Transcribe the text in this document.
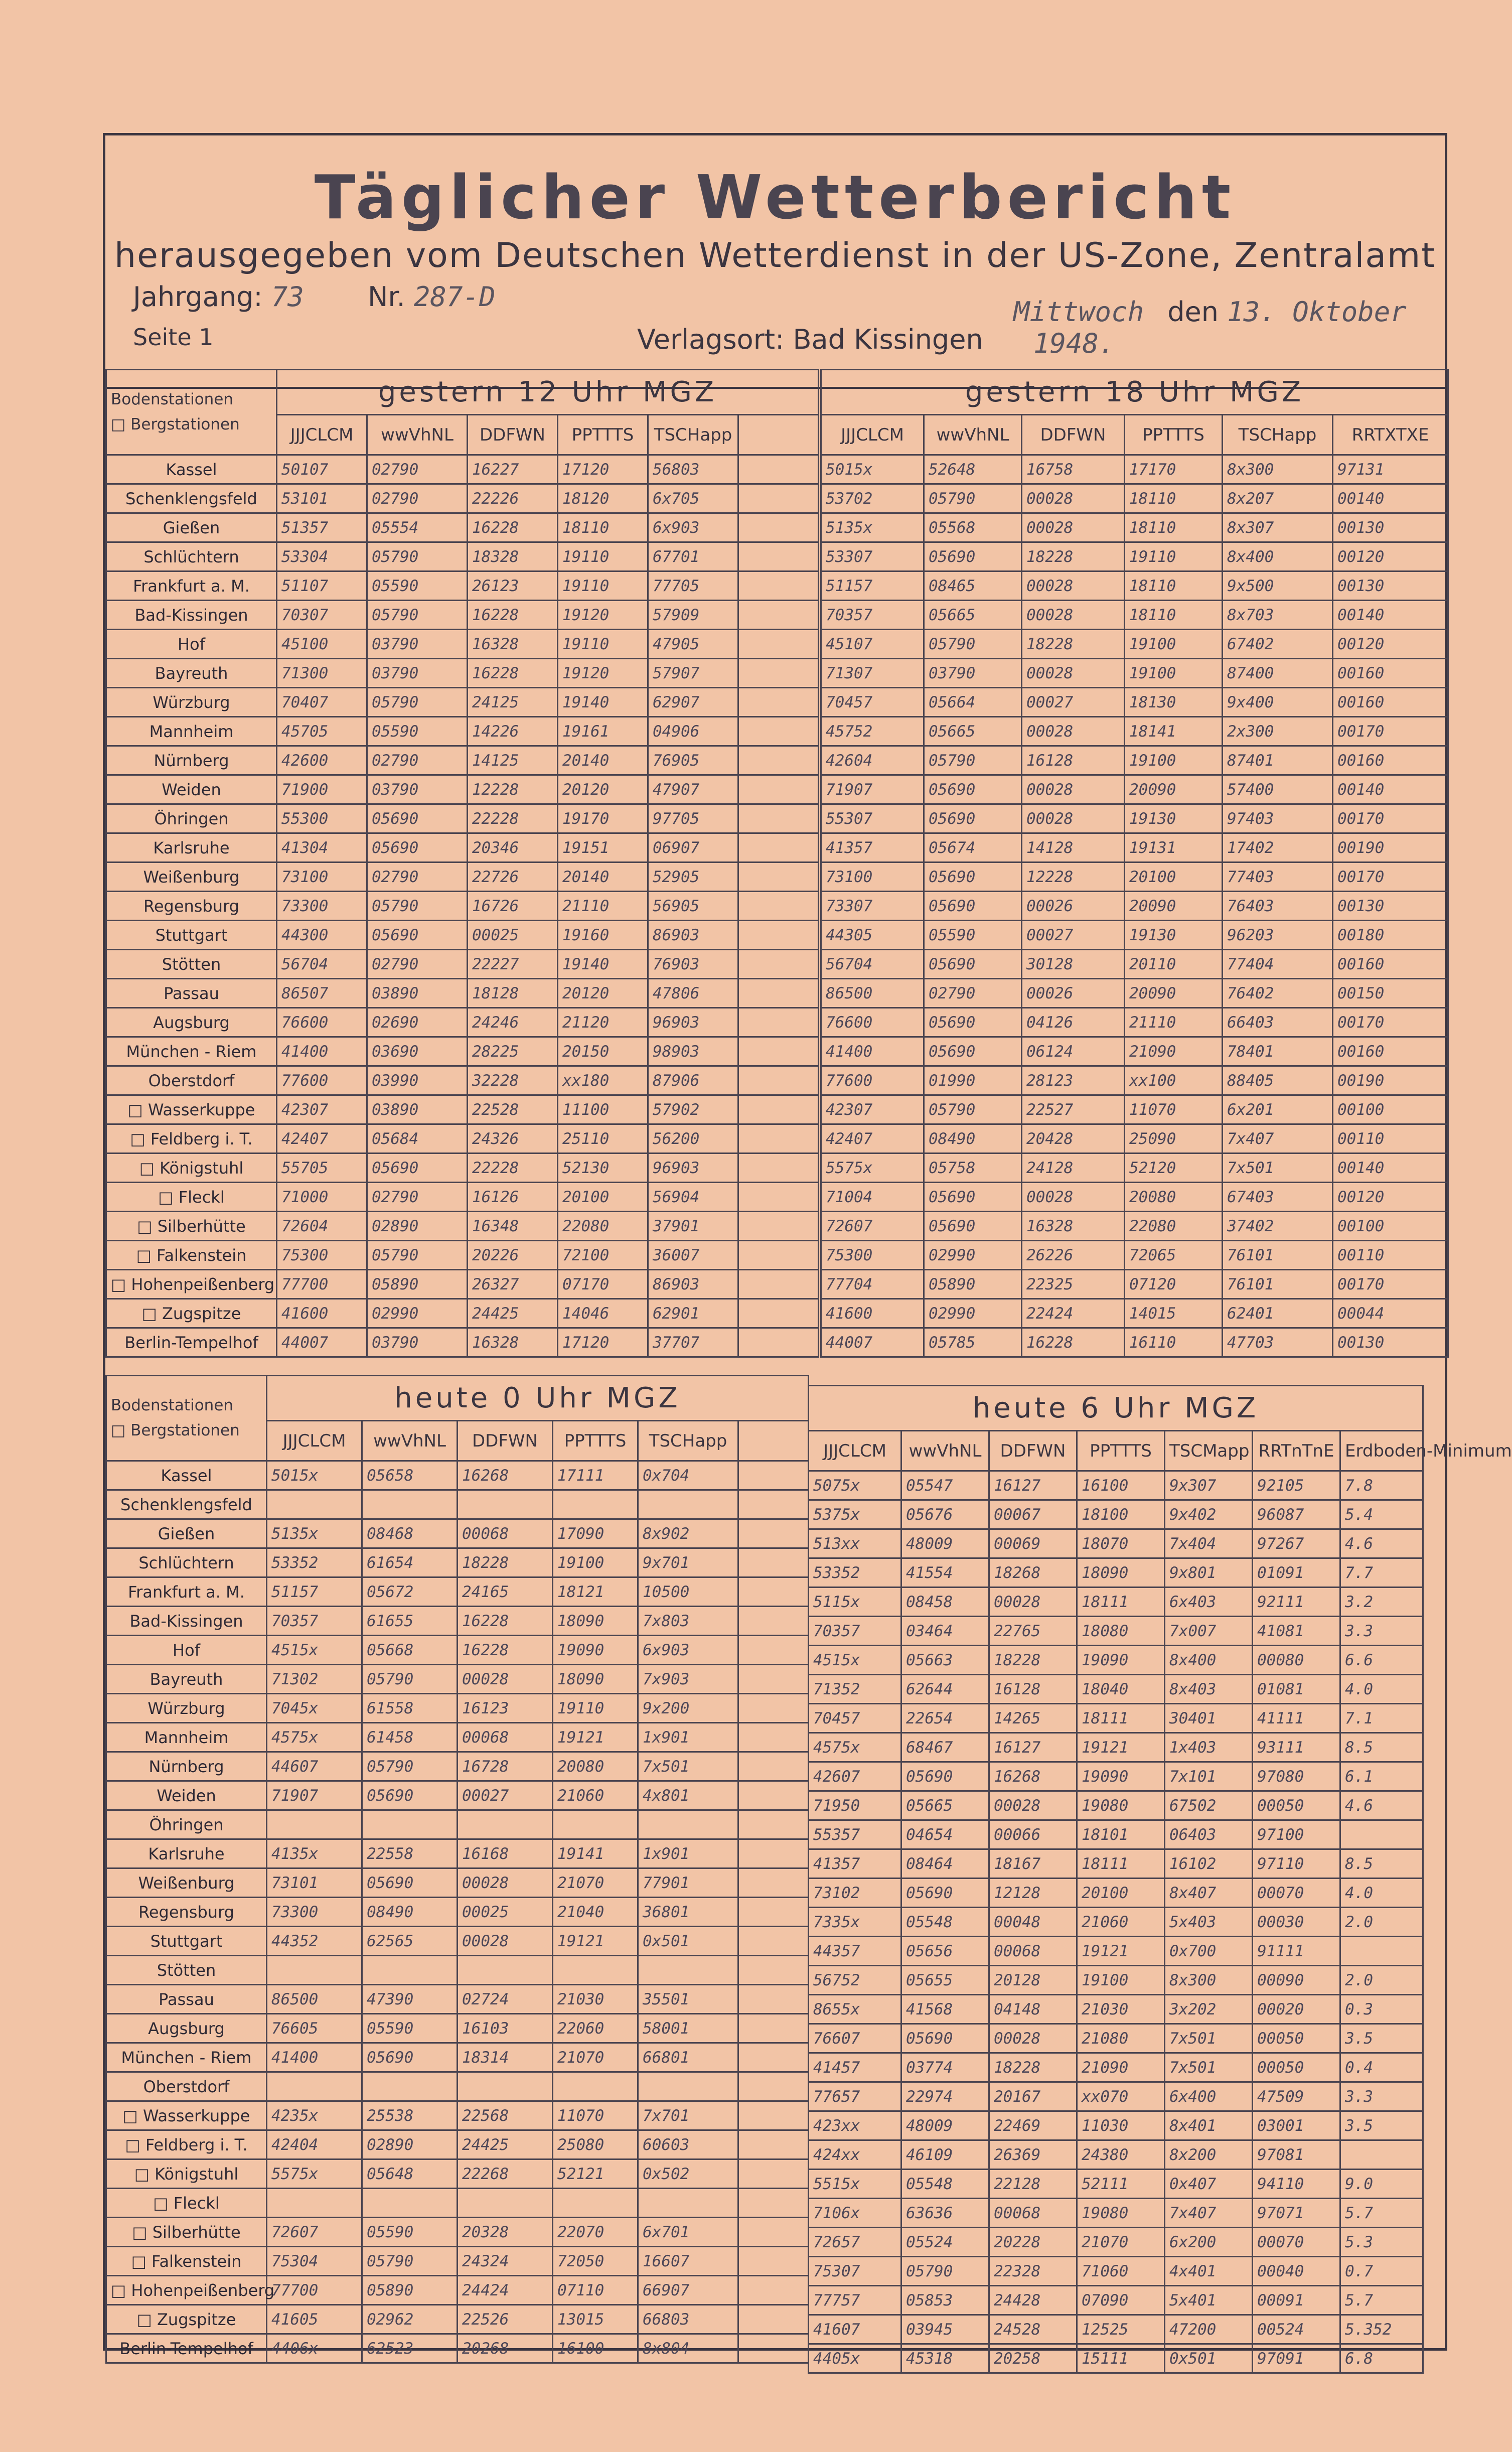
Täglicher Wetterbericht
herausgegeben vom Deutschen Wetterdienst in der US-Zone, Zentralamt
Jahrgang: 73 Nr. 287-D
Seite 1	Verlagsort: Bad Kissingen
Mittwoch den 13. Oktober 1948.
Bodenstationen
□ Bergstationen	gestern 12 Uhr MGZ					
	JJJCLCM	wwVhNL	DDFWN	PPTTTS	TSCHapp	
Kassel	50107	02790	16227	17120	56803	
Schenklengsfeld	53101	02790	22226	18120	6x705	
Gießen	51357	05554	16228	18110	6x903	
Schlüchtern	53304	05790	18328	19110	67701	
Frankfurt a. M.	51107	05590	26123	19110	77705	
Bad-Kissingen	70307	05790	16228	19120	57909	
Hof	45100	03790	16328	19110	47905	
Bayreuth	71300	03790	16228	19120	57907	
Würzburg	70407	05790	24125	19140	62907	
Mannheim	45705	05590	14226	19161	04906	
Nürnberg	42600	02790	14125	20140	76905	
Weiden	71900	03790	12228	20120	47907	
Öhringen	55300	05690	22228	19170	97705	
Karlsruhe	41304	05690	20346	19151	06907	
Weißenburg	73100	02790	22726	20140	52905	
Regensburg	73300	05790	16726	21110	56905	
Stuttgart	44300	05690	00025	19160	86903	
Stötten	56704	02790	22227	19140	76903	
Passau	86507	03890	18128	20120	47806	
Augsburg	76600	02690	24246	21120	96903	
München - Riem	41400	03690	28225	20150	98903	
Oberstdorf	77600	03990	32228	xx180	87906	
□ Wasserkuppe	42307	03890	22528	11100	57902	
□ Feldberg i. T.	42407	05684	24326	25110	56200	
□ Königstuhl	55705	05690	22228	52130	96903	
□ Fleckl	71000	02790	16126	20100	56904	
□ Silberhütte	72604	02890	16348	22080	37901	
□ Falkenstein	75300	05790	20226	72100	36007	
□ Hohenpeißenberg	77700	05890	26327	07170	86903	
□ Zugspitze	41600	02990	24425	14046	62901	
Berlin-Tempelhof	44007	03790	16328	17120	37707	
gestern 18 Uhr MGZ					
JJJCLCM	wwVhNL	DDFWN	PPTTTS	TSCHapp	RRTXTXE
5015x	52648	16758	17170	8x300	97131
53702	05790	00028	18110	8x207	00140
5135x	05568	00028	18110	8x307	00130
53307	05690	18228	19110	8x400	00120
51157	08465	00028	18110	9x500	00130
70357	05665	00028	18110	8x703	00140
45107	05790	18228	19100	67402	00120
71307	03790	00028	19100	87400	00160
70457	05664	00027	18130	9x400	00160
45752	05665	00028	18141	2x300	00170
42604	05790	16128	19100	87401	00160
71907	05690	00028	20090	57400	00140
55307	05690	00028	19130	97403	00170
41357	05674	14128	19131	17402	00190
73100	05690	12228	20100	77403	00170
73307	05690	00026	20090	76403	00130
44305	05590	00027	19130	96203	00180
56704	05690	30128	20110	77404	00160
86500	02790	00026	20090	76402	00150
76600	05690	04126	21110	66403	00170
41400	05690	06124	21090	78401	00160
77600	01990	28123	xx100	88405	00190
42307	05790	22527	11070	6x201	00100
42407	08490	20428	25090	7x407	00110
5575x	05758	24128	52120	7x501	00140
71004	05690	00028	20080	67403	00120
72607	05690	16328	22080	37402	00100
75300	02990	26226	72065	76101	00110
77704	05890	22325	07120	76101	00170
41600	02990	22424	14015	62401	00044
44007	05785	16228	16110	47703	00130
Bodenstationen
□ Bergstationen	heute 0 Uhr MGZ					
	JJJCLCM	wwVhNL	DDFWN	PPTTTS	TSCHapp	
Kassel	5015x	05658	16268	17111	0x704	
Schenklengsfeld						
Gießen	5135x	08468	00068	17090	8x902	
Schlüchtern	53352	61654	18228	19100	9x701	
Frankfurt a. M.	51157	05672	24165	18121	10500	
Bad-Kissingen	70357	61655	16228	18090	7x803	
Hof	4515x	05668	16228	19090	6x903	
Bayreuth	71302	05790	00028	18090	7x903	
Würzburg	7045x	61558	16123	19110	9x200	
Mannheim	4575x	61458	00068	19121	1x901	
Nürnberg	44607	05790	16728	20080	7x501	
Weiden	71907	05690	00027	21060	4x801	
Öhringen						
Karlsruhe	4135x	22558	16168	19141	1x901	
Weißenburg	73101	05690	00028	21070	77901	
Regensburg	73300	08490	00025	21040	36801	
Stuttgart	44352	62565	00028	19121	0x501	
Stötten						
Passau	86500	47390	02724	21030	35501	
Augsburg	76605	05590	16103	22060	58001	
München - Riem	41400	05690	18314	21070	66801	
Oberstdorf						
□ Wasserkuppe	4235x	25538	22568	11070	7x701	
□ Feldberg i. T.	42404	02890	24425	25080	60603	
□ Königstuhl	5575x	05648	22268	52121	0x502	
□ Fleckl						
□ Silberhütte	72607	05590	20328	22070	6x701	
□ Falkenstein	75304	05790	24324	72050	16607	
□ Hohenpeißenberg	77700	05890	24424	07110	66907	
□ Zugspitze	41605	02962	22526	13015	66803	
Berlin-Tempelhof	4406x	62523	20268	16100	8x804	
heute 6 Uhr MGZ						
JJJCLCM	wwVhNL	DDFWN	PPTTTS	TSCMapp	RRTnTnE	Erdboden-Minimum
5075x	05547	16127	16100	9x307	92105	7.8
5375x	05676	00067	18100	9x402	96087	5.4
513xx	48009	00069	18070	7x404	97267	4.6
53352	41554	18268	18090	9x801	01091	7.7
5115x	08458	00028	18111	6x403	92111	3.2
70357	03464	22765	18080	7x007	41081	3.3
4515x	05663	18228	19090	8x400	00080	6.6
71352	62644	16128	18040	8x403	01081	4.0
70457	22654	14265	18111	30401	41111	7.1
4575x	68467	16127	19121	1x403	93111	8.5
42607	05690	16268	19090	7x101	97080	6.1
71950	05665	00028	19080	67502	00050	4.6
55357	04654	00066	18101	06403	97100	
41357	08464	18167	18111	16102	97110	8.5
73102	05690	12128	20100	8x407	00070	4.0
7335x	05548	00048	21060	5x403	00030	2.0
44357	05656	00068	19121	0x700	91111	
56752	05655	20128	19100	8x300	00090	2.0
8655x	41568	04148	21030	3x202	00020	0.3
76607	05690	00028	21080	7x501	00050	3.5
41457	03774	18228	21090	7x501	00050	0.4
77657	22974	20167	xx070	6x400	47509	3.3
423xx	48009	22469	11030	8x401	03001	3.5
424xx	46109	26369	24380	8x200	97081	
5515x	05548	22128	52111	0x407	94110	9.0
7106x	63636	00068	19080	7x407	97071	5.7
72657	05524	20228	21070	6x200	00070	5.3
75307	05790	22328	71060	4x401	00040	0.7
77757	05853	24428	07090	5x401	00091	5.7
41607	03945	24528	12525	47200	00524	5.352
4405x	45318	20258	15111	0x501	97091	6.8
